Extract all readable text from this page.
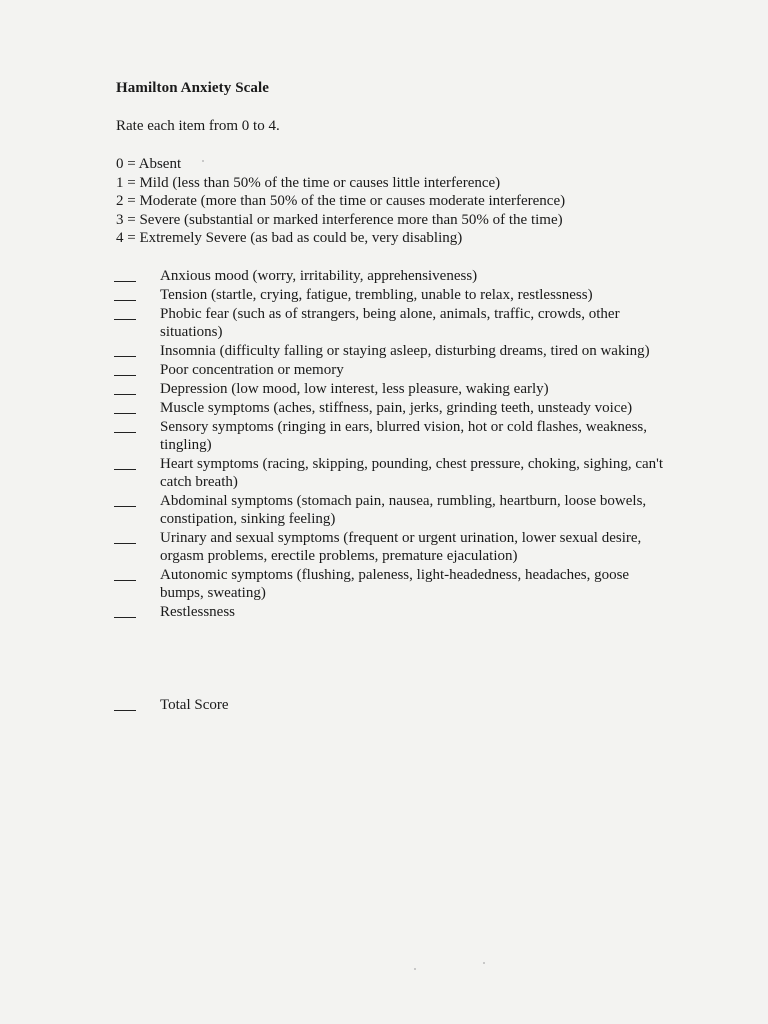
Hamilton Anxiety Scale
Rate each item from 0 to 4.
0 = Absent
1 = Mild (less than 50% of the time or causes little interference)
2 = Moderate (more than 50% of the time or causes moderate interference)
3 = Severe (substantial or marked interference more than 50% of the time)
4 = Extremely Severe (as bad as could be, very disabling)
Anxious mood (worry, irritability, apprehensiveness)
Tension (startle, crying, fatigue, trembling, unable to relax, restlessness)
Phobic fear (such as of strangers, being alone, animals, traffic, crowds, other situations)
Insomnia (difficulty falling or staying asleep, disturbing dreams, tired on waking)
Poor concentration or memory
Depression (low mood, low interest, less pleasure, waking early)
Muscle symptoms (aches, stiffness, pain, jerks, grinding teeth, unsteady voice)
Sensory symptoms (ringing in ears, blurred vision, hot or cold flashes, weakness, tingling)
Heart symptoms (racing, skipping, pounding, chest pressure, choking, sighing, can't catch breath)
Abdominal symptoms (stomach pain, nausea, rumbling, heartburn, loose bowels, constipation, sinking feeling)
Urinary and sexual symptoms (frequent or urgent urination, lower sexual desire, orgasm problems, erectile problems, premature ejaculation)
Autonomic symptoms (flushing, paleness, light-headedness, headaches, goose bumps, sweating)
Restlessness
Total Score
